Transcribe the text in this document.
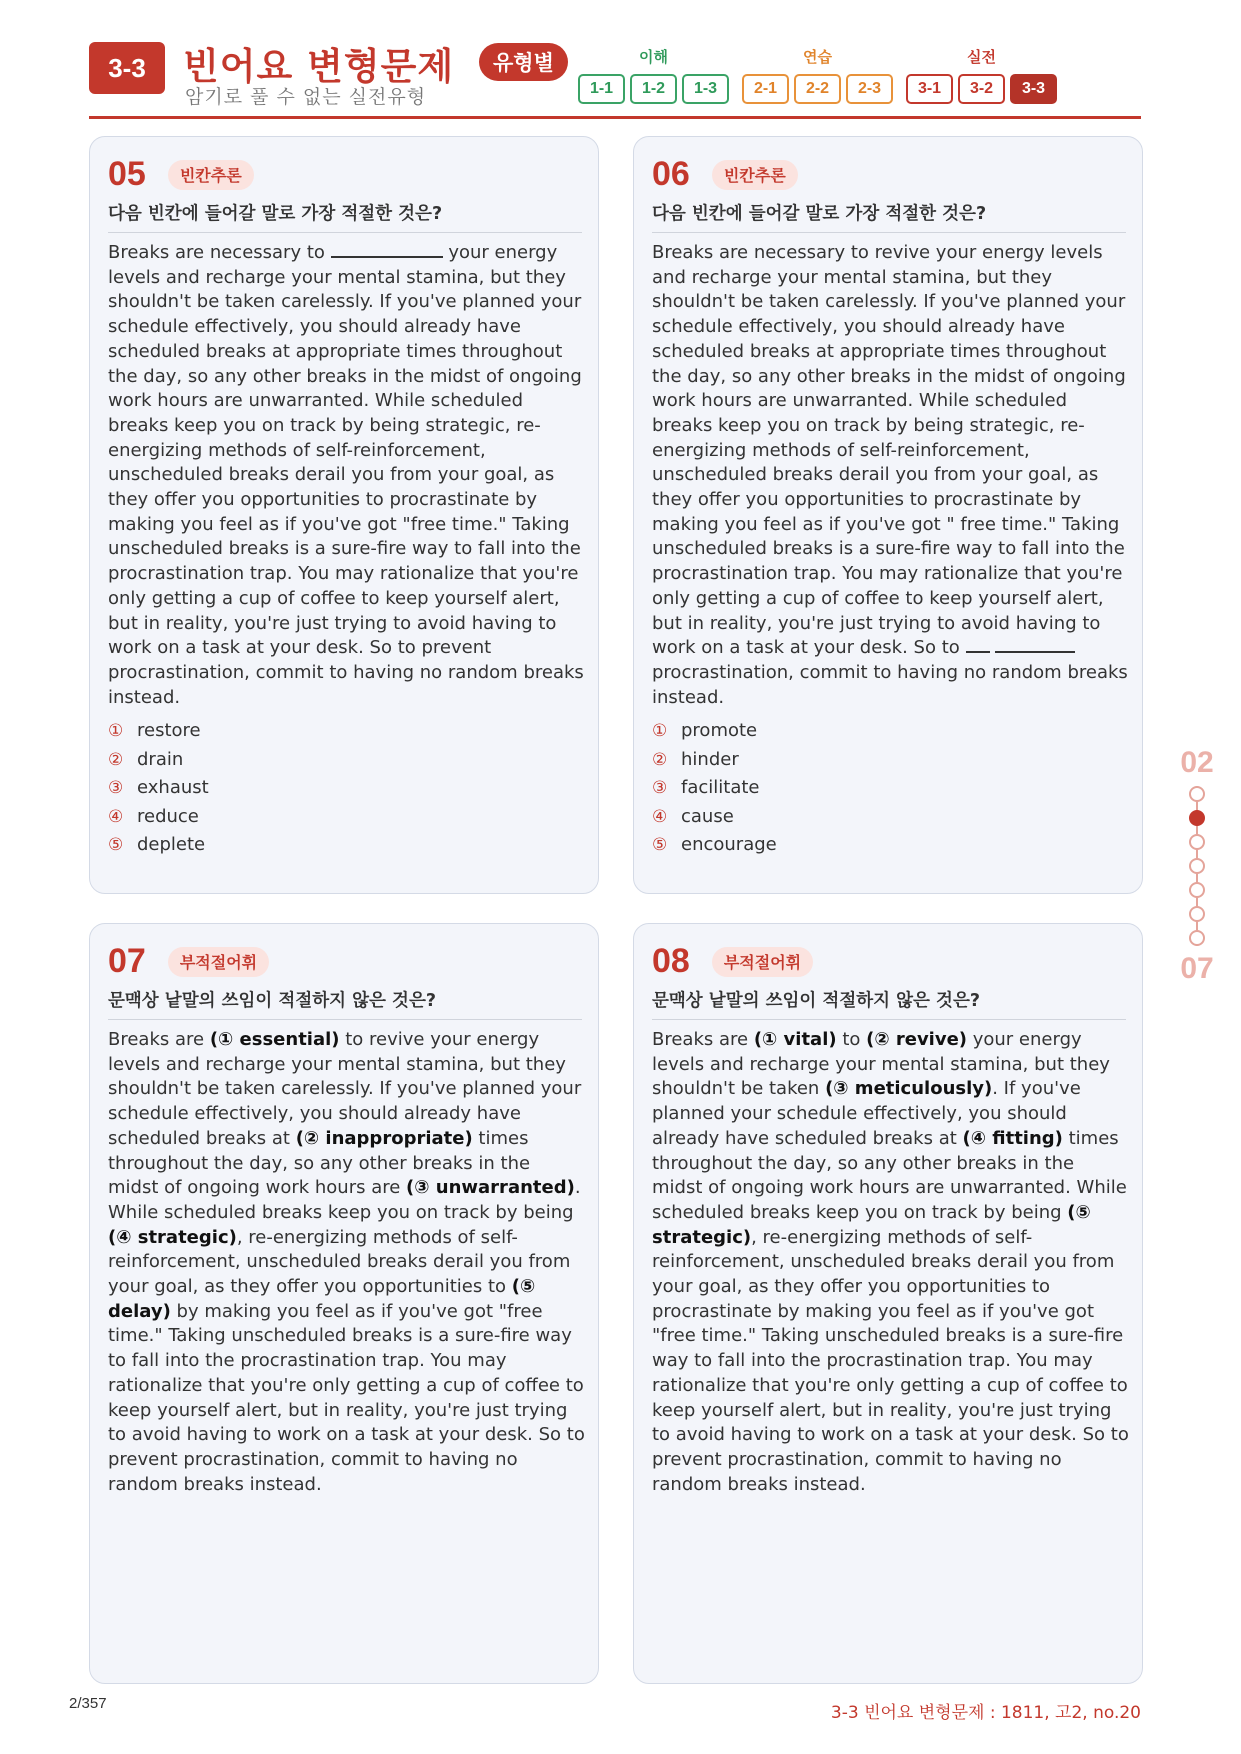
3-3	빈어요 변형문제	유형별
암기로 풀 수 없는 실전유형
이해
1-1	1-2	1-3
연습
2-1	2-2	2-3
실전
3-1	3-2	3-3
05	빈칸추론
다음 빈칸에 들어갈 말로 가장 적절한 것은?
Breaks are necessary to	your energy levels and recharge your mental stamina, but they shouldn't be taken carelessly. If you've planned your schedule effectively, you should already have scheduled breaks at appropriate times throughout the day, so any other breaks in the midst of ongoing work hours are unwarranted. While scheduled breaks keep you on track by being strategic, re-energizing methods of self-reinforcement, unscheduled breaks derail you from your goal, as they offer you opportunities to procrastinate by making you feel as if you've got "free time." Taking unscheduled breaks is a sure-fire way to fall into the procrastination trap. You may rationalize that you're only getting a cup of coffee to keep yourself alert, but in reality, you're just trying to avoid having to work on a task at your desk. So to prevent procrastination, commit to having no random breaks instead.
① restore
② drain
③ exhaust
④ reduce
⑤ deplete
06	빈칸추론
다음 빈칸에 들어갈 말로 가장 적절한 것은?
Breaks are necessary to revive your energy levels and recharge your mental stamina, but they shouldn't be taken carelessly. If you've planned your schedule effectively, you should already have scheduled breaks at appropriate times throughout the day, so any other breaks in the midst of ongoing work hours are unwarranted. While scheduled breaks keep you on track by being strategic, re-energizing methods of self-reinforcement, unscheduled breaks derail you from your goal, as they offer you opportunities to procrastinate by making you feel as if you've got " free time." Taking unscheduled breaks is a sure-fire way to fall into the procrastination trap. You may rationalize that you're only getting a cup of coffee to keep yourself alert, but in reality, you're just trying to avoid having to work on a task at your desk. So to   procrastination, commit to having no random breaks instead.
① promote
② hinder
③ facilitate
④ cause
⑤ encourage
07	부적절어휘
문맥상 낱말의 쓰임이 적절하지 않은 것은?
Breaks are (① essential) to revive your energy levels and recharge your mental stamina, but they shouldn't be taken carelessly. If you've planned your schedule effectively, you should already have scheduled breaks at (② inappropriate) times throughout the day, so any other breaks in the midst of ongoing work hours are (③ unwarranted). While scheduled breaks keep you on track by being (④ strategic), re-energizing methods of self-reinforcement, unscheduled breaks derail you from your goal, as they offer you opportunities to (⑤ delay) by making you feel as if you've got "free time." Taking unscheduled breaks is a sure-fire way to fall into the procrastination trap. You may rationalize that you're only getting a cup of coffee to keep yourself alert, but in reality, you're just trying to avoid having to work on a task at your desk. So to prevent procrastination, commit to having no random breaks instead.
08	부적절어휘
문맥상 낱말의 쓰임이 적절하지 않은 것은?
Breaks are (① vital) to (② revive) your energy levels and recharge your mental stamina, but they shouldn't be taken (③ meticulously). If you've planned your schedule effectively, you should already have scheduled breaks at (④ fitting) times throughout the day, so any other breaks in the midst of ongoing work hours are unwarranted. While scheduled breaks keep you on track by being (⑤ strategic), re-energizing methods of self-reinforcement, unscheduled breaks derail you from your goal, as they offer you opportunities to procrastinate by making you feel as if you've got "free time." Taking unscheduled breaks is a sure-fire way to fall into the procrastination trap. You may rationalize that you're only getting a cup of coffee to keep yourself alert, but in reality, you're just trying to avoid having to work on a task at your desk. So to prevent procrastination, commit to having no random breaks instead.
02
07
2/357	3-3 빈어요 변형문제 : 1811, 고2, no.20
